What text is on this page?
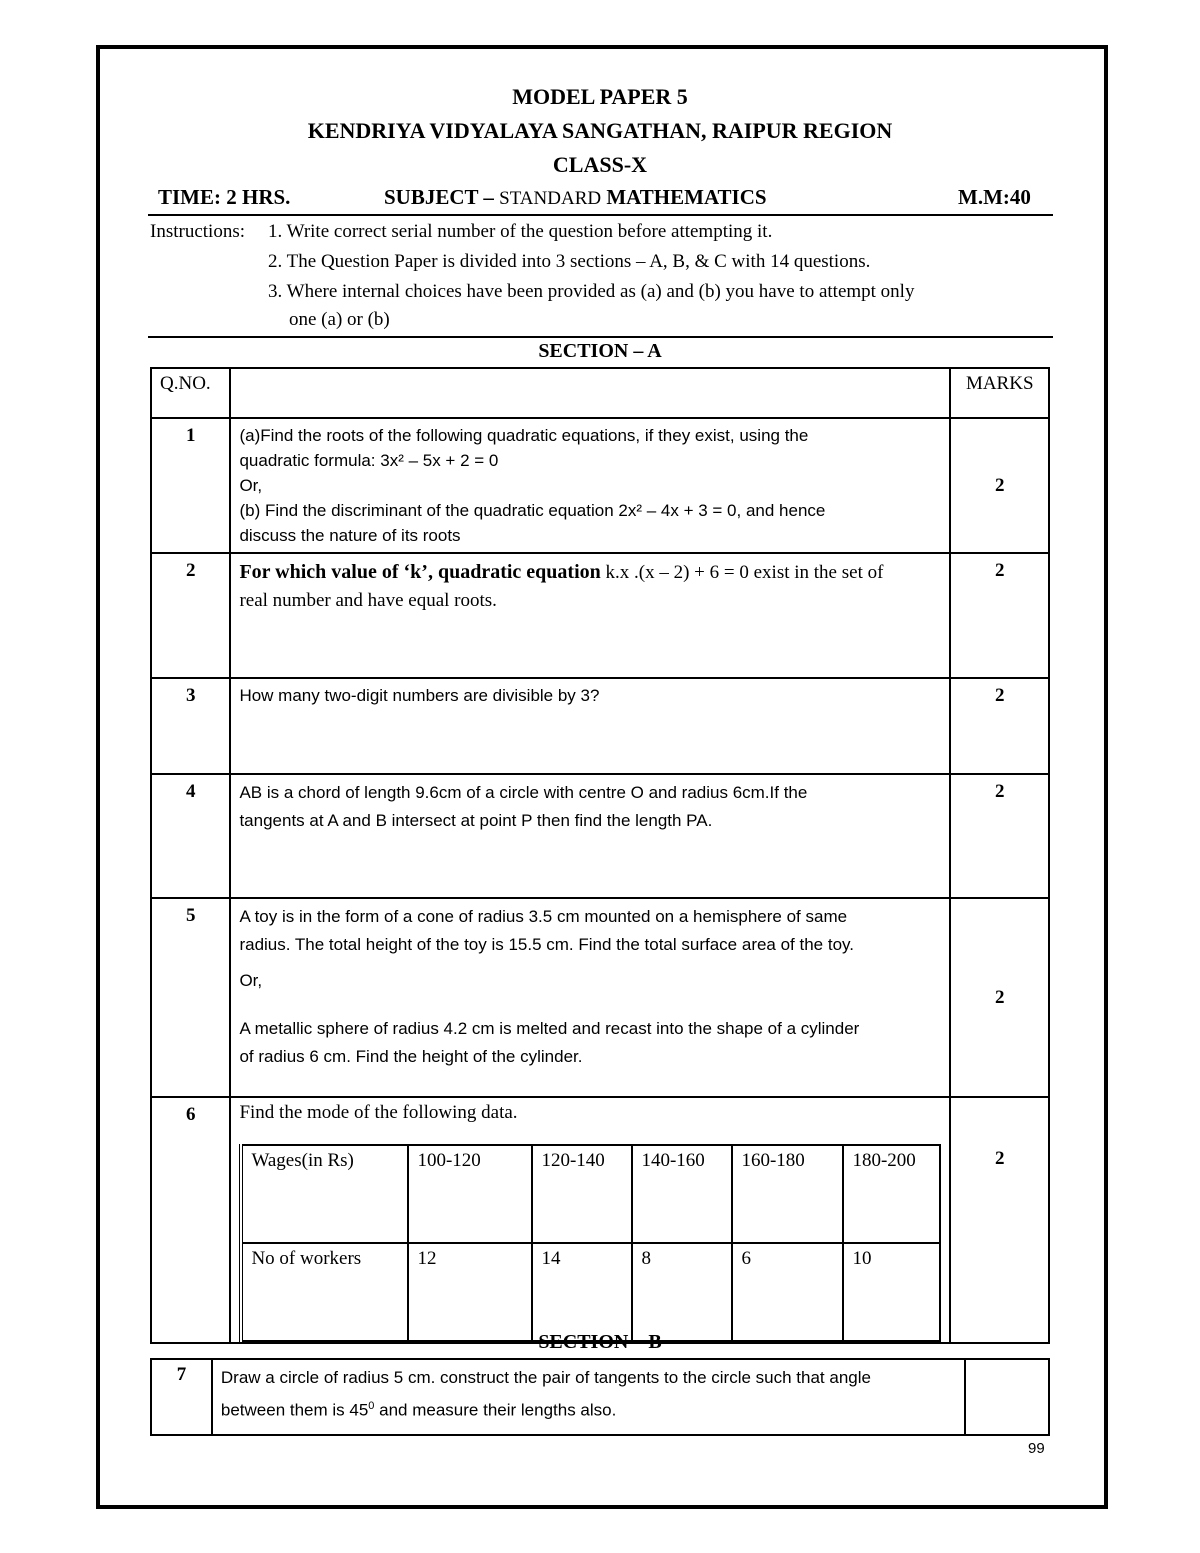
MODEL PAPER 5
KENDRIYA VIDYALAYA SANGATHAN, RAIPUR REGION
CLASS-X
TIME: 2 HRS.	SUBJECT – STANDARD MATHEMATICS	M.M:40
Instructions: 1. Write correct serial number of the question before attempting it.
2. The Question Paper is divided into 3 sections – A, B, & C with 14 questions.
3. Where internal choices have been provided as (a) and (b) you have to attempt only
one (a) or (b)
SECTION – A
Q.NO.		MARKS
1	(a)Find the roots of the following quadratic equations, if they exist, using the
quadratic formula: 3x² – 5x + 2 = 0
Or,
(b) Find the discriminant of the quadratic equation 2x² – 4x + 3 = 0, and hence
discuss the nature of its roots
	2
2	For which value of ‘k’, quadratic equation k.x .(x – 2) + 6 = 0 exist in the set of
real number and have equal roots.
	2
3	How many two-digit numbers are divisible by 3?	2
4	AB is a chord of length 9.6cm of a circle with centre O and radius 6cm.If the
tangents at A and B intersect at point P then find the length PA.
	2
5	A toy is in the form of a cone of radius 3.5 cm mounted on a hemisphere of same
radius. The total height of the toy is 15.5 cm. Find the total surface area of the toy.
Or,
A metallic sphere of radius 4.2 cm is melted and recast into the shape of a cylinder
of radius 6 cm. Find the height of the cylinder.
	2
6	Find the mode of the following data.
Wages(in Rs)	100-120	120-140	140-160	160-180	180-200
No of workers	12	14	8	6	10
	2
SECTION – B
7	Draw a circle of radius 5 cm. construct the pair of tangents to the circle such that angle
between them is $45^0$ and measure their lengths also.

99
